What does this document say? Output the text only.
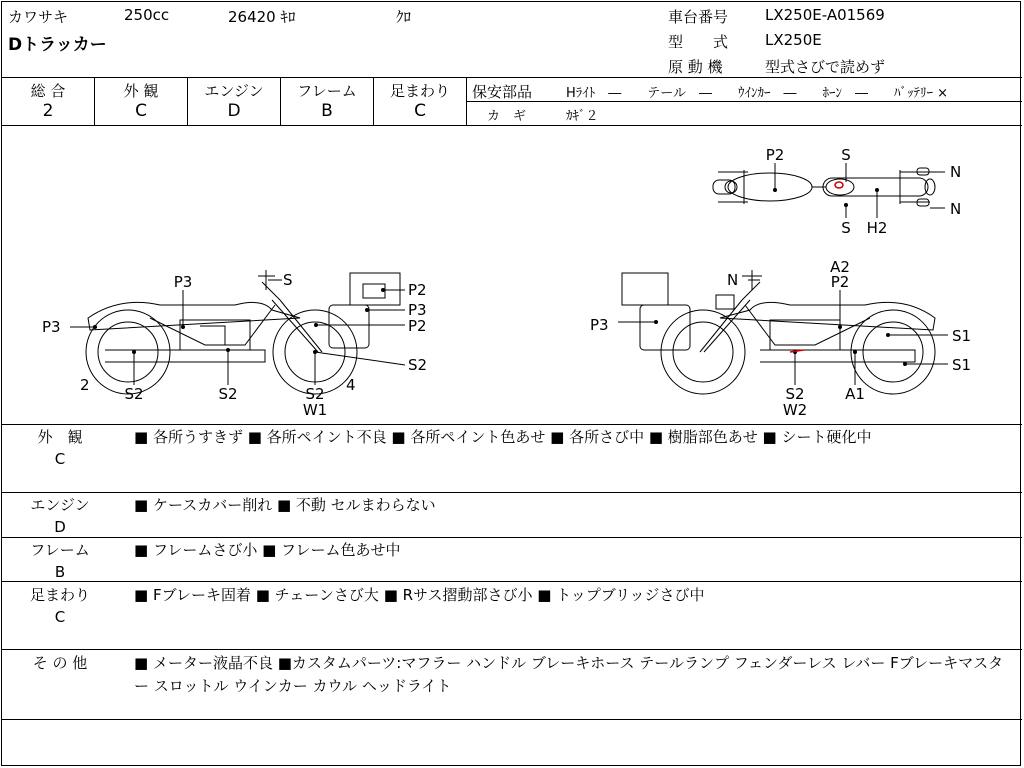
カワサキ	250cc	26420 ｷﾛ	ｸﾛ
Dトラッカー
車台番号 LX250E-A01569
型　　式 LX250E
原 動 機	型式さびで読めず
総 合
2
外 観
C
エンジン
D
フレーム
B
足まわり
C
保安部品	Hﾗｲﾄ　―　　テール　―　　ｳｲﾝｶｰ　―　　ﾎｰﾝ　―　　ﾊﾞｯﾃﾘｰ ×
カ　ギ	ｶｷﾞ２
P2	S
N
N
S H2
P3
S
P2
P3
P2
P3
S2
2 S2	S2	S2 4
W1
N
A2
P2
P3
S1
S1
S2
W2
A1
外　観
C
■ 各所うすきず ■ 各所ペイント不良 ■ 各所ペイント色あせ ■ 各所さび中 ■ 樹脂部色あせ ■ シート硬化中
エンジン
D
■ ケースカバー削れ ■ 不動 セルまわらない
フレーム
B
■ フレームさび小 ■ フレーム色あせ中
足まわり
C
■ Fブレーキ固着 ■ チェーンさび大 ■ Rサス摺動部さび小 ■ トップブリッジさび中
そ の 他	■ メーター液晶不良 ■カスタムパーツ:マフラー ハンドル ブレーキホース テールランプ フェンダーレス レバー Fブレーキマスター スロットル ウインカー カウル ヘッドライト
